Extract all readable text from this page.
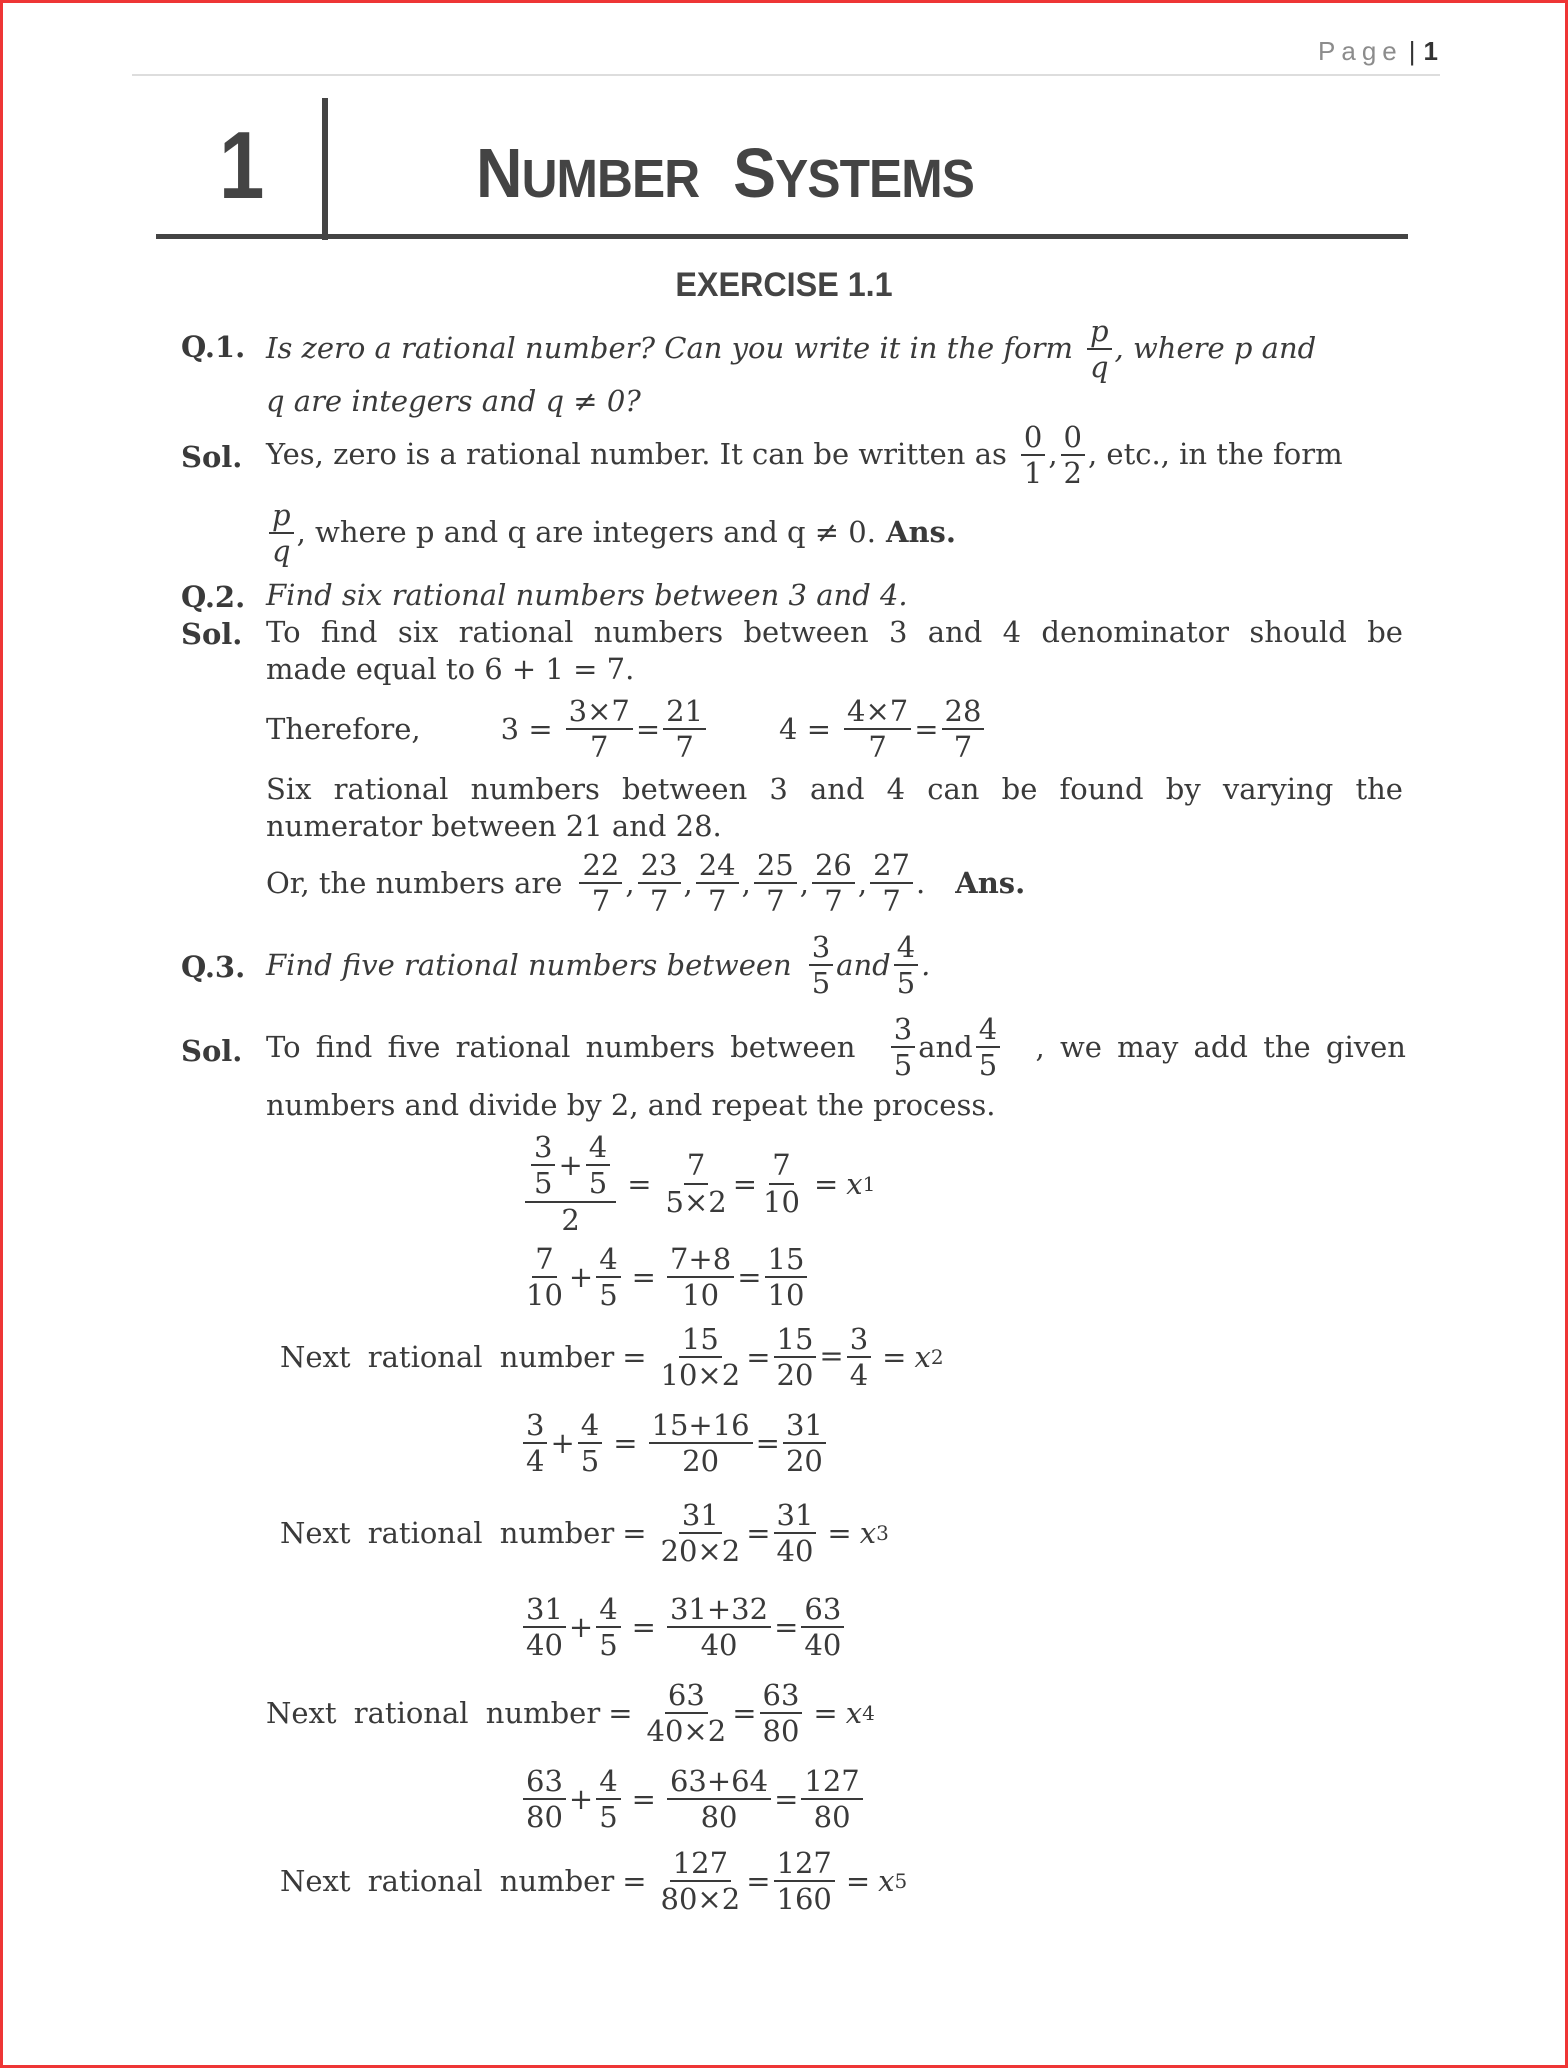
Page | 1
1	NUMBER SYSTEMS
EXERCISE 1.1
Q.1. Is zero a rational number? Can you write it in the form $\frac{p}{q}$ , where p and
q are integers and q ≠ 0?
Sol. Yes, zero is a rational number. It can be written as $\frac{0}{1}$ , $\frac{0}{2}$ , etc., in the form
$\frac{p}{q}$ , where p and q are integers and q ≠ 0. Ans.
Q.2. Find six rational numbers between 3 and 4.
Sol. To find six rational numbers between 3 and 4 denominator should be
made equal to 6 + 1 = 7.
Therefore,	$3 = \frac{3\times 7}{7} = \frac{21}{7}$	$4 = \frac{4\times 7}{7} = \frac{28}{7}$
Six rational numbers between 3 and 4 can be found by varying the
numerator between 21 and 28.
Or, the numbers are $\frac{22}{7}$ , $\frac{23}{7}$ , $\frac{24}{7}$ , $\frac{25}{7}$ , $\frac{26}{7}$ , $\frac{27}{7}$ . Ans.
Q.3. Find five rational numbers between $\frac{3}{5}$ and $\frac{4}{5}$ .
Sol. To find five rational numbers between $\frac{3}{5}$ and $\frac{4}{5}$ , we may add the given
numbers and divide by 2, and repeat the process.
$\frac{\frac{3}{5} + \frac{4}{5}}{2} = \frac{7}{5\times 2} = \frac{7}{10} = x$ 1
$\frac{7}{10} + \frac{4}{5} = \frac{7+8}{10} = \frac{15}{10}$
Next rational number = $\frac{15}{10\times 2} = \frac{15}{20} = \frac{3}{4} = x$ 2
$\frac{3}{4} + \frac{4}{5} = \frac{15+16}{20} = \frac{31}{20}$
Next rational number = $\frac{31}{20\times 2} = \frac{31}{40} = x$ 3
$\frac{31}{40} + \frac{4}{5} = \frac{31+32}{40} = \frac{63}{40}$
Next rational number = $\frac{63}{40\times 2} = \frac{63}{80} = x$ 4
$\frac{63}{80} + \frac{4}{5} = \frac{63+64}{80} = \frac{127}{80}$
Next rational number = $\frac{127}{80\times 2} = \frac{127}{160} = x$ 5
